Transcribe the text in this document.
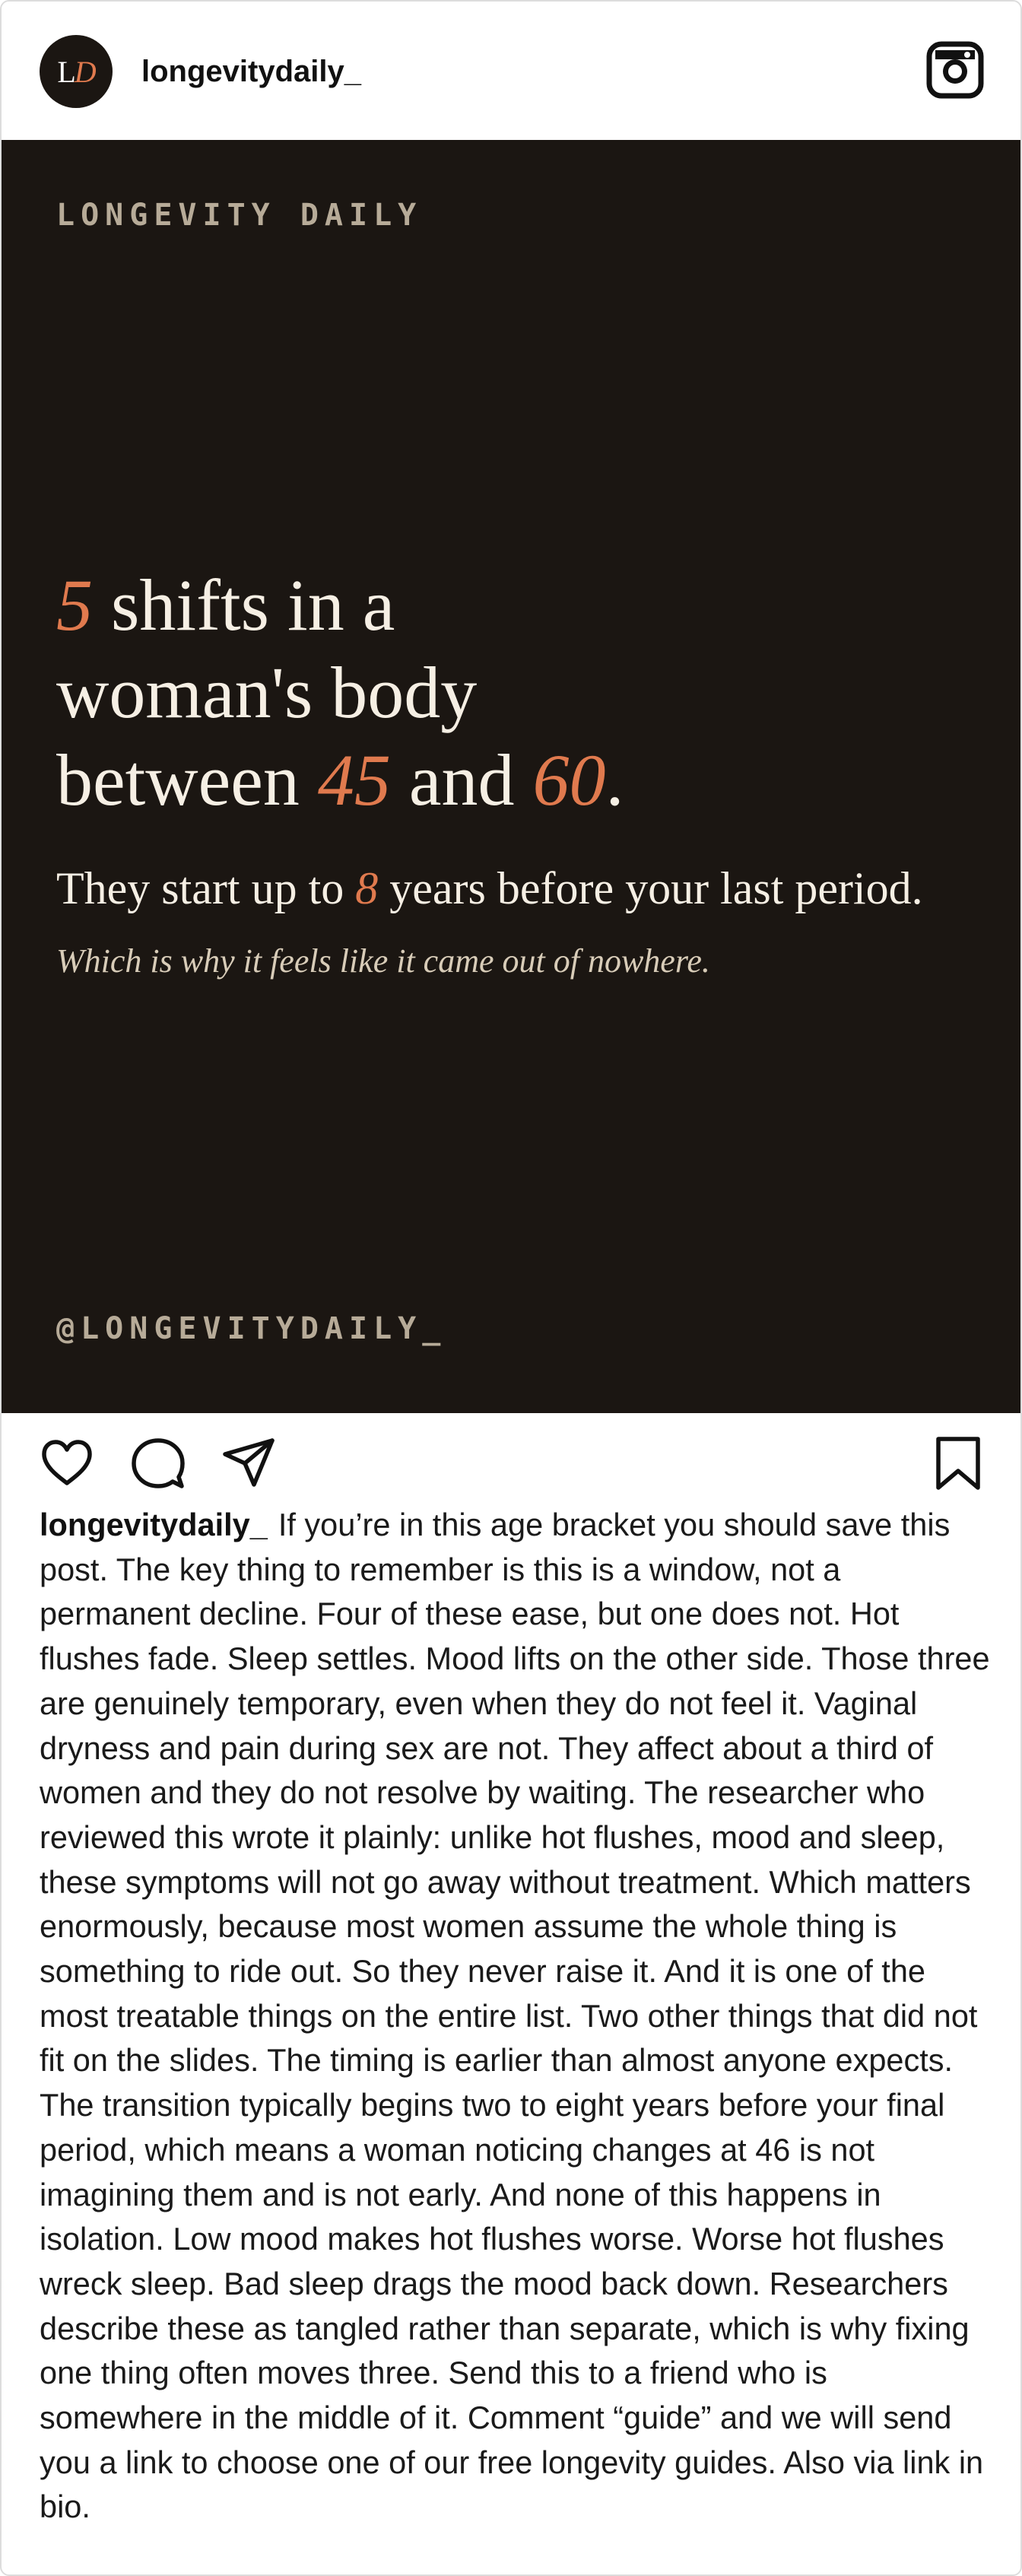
L D longevitydaily_
LONGEVITY DAILY
5 shifts in a
woman's body
between 45 and 60.
They start up to 8 years before your last period.
Which is why it feels like it came out of nowhere.
@LONGEVITYDAILY_
longevitydaily_ If you’re in this age bracket you should save this post. The key thing to remember is this is a window, not a permanent decline. Four of these ease, but one does not. Hot flushes fade. Sleep settles. Mood lifts on the other side. Those three are genuinely temporary, even when they do not feel it. Vaginal dryness and pain during sex are not. They affect about a third of women and they do not resolve by waiting. The researcher who reviewed this wrote it plainly: unlike hot flushes, mood and sleep, these symptoms will not go away without treatment. Which matters enormously, because most women assume the whole thing is something to ride out. So they never raise it. And it is one of the most treatable things on the entire list. Two other things that did not fit on the slides. The timing is earlier than almost anyone expects. The transition typically begins two to eight years before your final period, which means a woman noticing changes at 46 is not imagining them and is not early. And none of this happens in isolation. Low mood makes hot flushes worse. Worse hot flushes wreck sleep. Bad sleep drags the mood back down. Researchers describe these as tangled rather than separate, which is why fixing one thing often moves three. Send this to a friend who is somewhere in the middle of it. Comment “guide” and we will send you a link to choose one of our free longevity guides. Also via link in bio.
